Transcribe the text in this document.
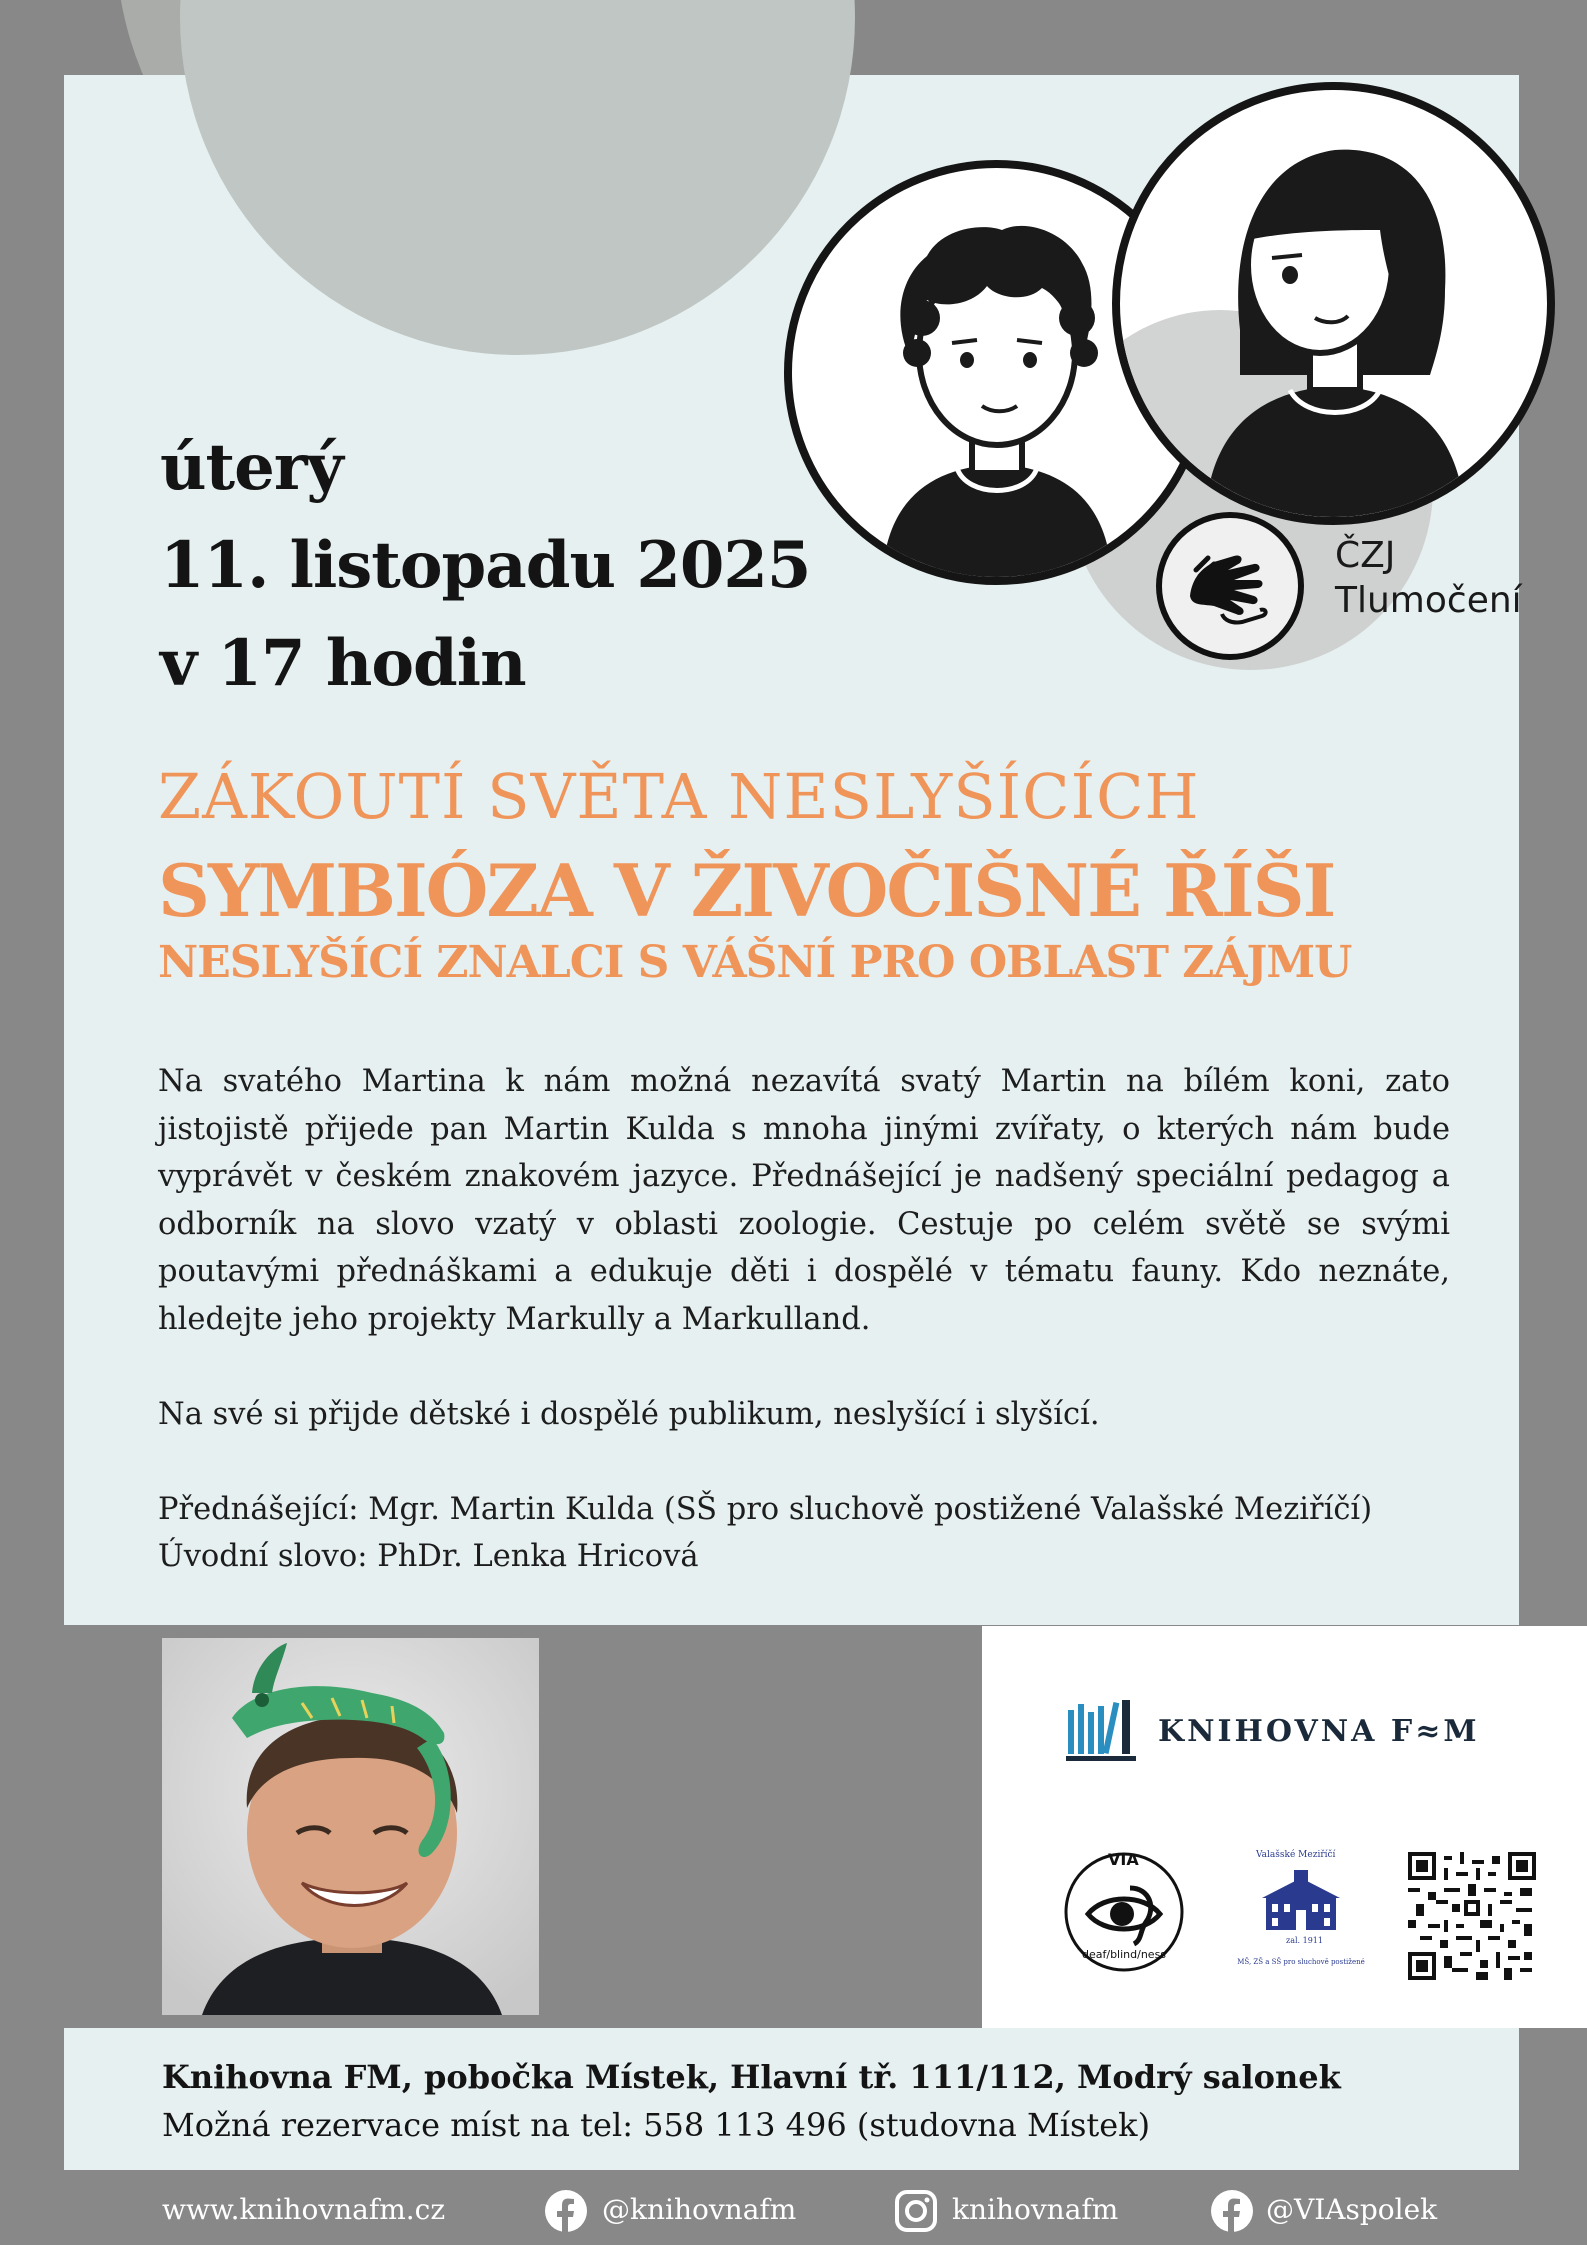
úterý
11. listopadu 2025
v 17 hodin
ČZJ
Tlumočení
ZÁKOUTÍ SVĚTA NESLYŠÍCÍCH
SYMBIÓZA V ŽIVOČIŠNÉ ŘÍŠI
NESLYŠÍCÍ ZNALCI S VÁŠNÍ PRO OBLAST ZÁJMU

Na svatého Martina k nám možná nezavítá svatý Martin na bílém koni, zato jistojistě přijede pan Martin Kulda s mnoha jinými zvířaty, o kterých nám bude vyprávět v českém znakovém jazyce. Přednášející je nadšený speciální pedagog a odborník na slovo vzatý v oblasti zoologie. Cestuje po celém světě se svými poutavými přednáškami a edukuje děti i dospělé v tématu fauny. Kdo neznáte, hledejte jeho projekty Markully a Markulland.

Na své si přijde dětské i dospělé publikum, neslyšící i slyšící.

Přednášející: Mgr. Martin Kulda (SŠ pro sluchově postižené Valašské Meziříčí)

Úvodní slovo: PhDr. Lenka Hricová

KNIHOVNA F≈M
VIA
deaf/blind/ness
Valašské Meziříčí
zal. 1911
MŠ, ZŠ a SŠ pro sluchově postižené
Knihovna FM, pobočka Místek, Hlavní tř. 111/112, Modrý salonek
Možná rezervace míst na tel: 558 113 496 (studovna Místek)
www.knihovnafm.cz	@knihovnafm	knihovnafm	@VIAspolek
